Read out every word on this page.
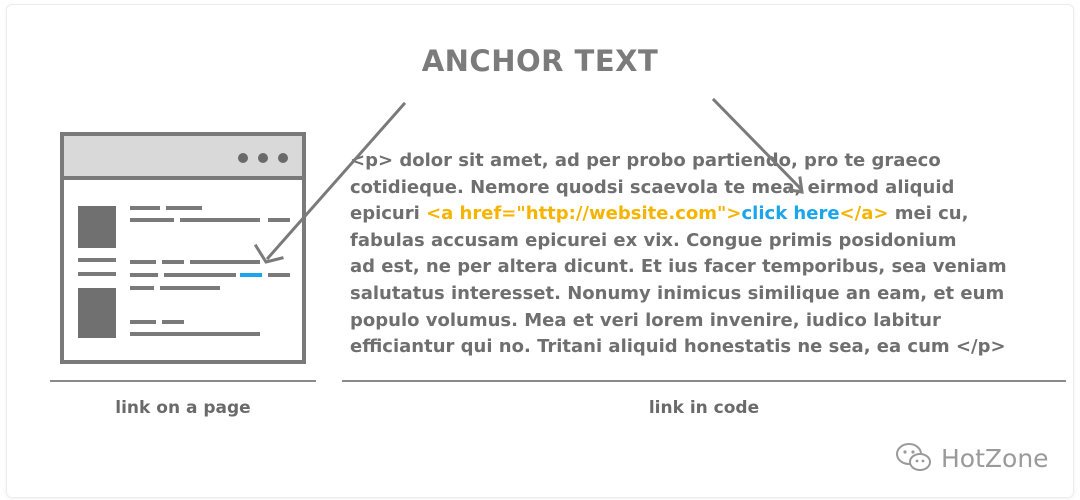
ANCHOR TEXT
<p> dolor sit amet, ad per probo partiendo, pro te graeco
cotidieque. Nemore quodsi scaevola te mea, eirmod aliquid
epicuri <a href="http://website.com">click here</a> mei cu,
fabulas accusam epicurei ex vix. Congue primis posidonium
ad est, ne per altera dicunt. Et ius facer temporibus, sea veniam
salutatus interesset. Nonumy inimicus similique an eam, et eum
populo volumus. Mea et veri lorem invenire, iudico labitur
efficiantur qui no. Tritani aliquid honestatis ne sea, ea cum </p>
link on a page	link in code
HotZone
